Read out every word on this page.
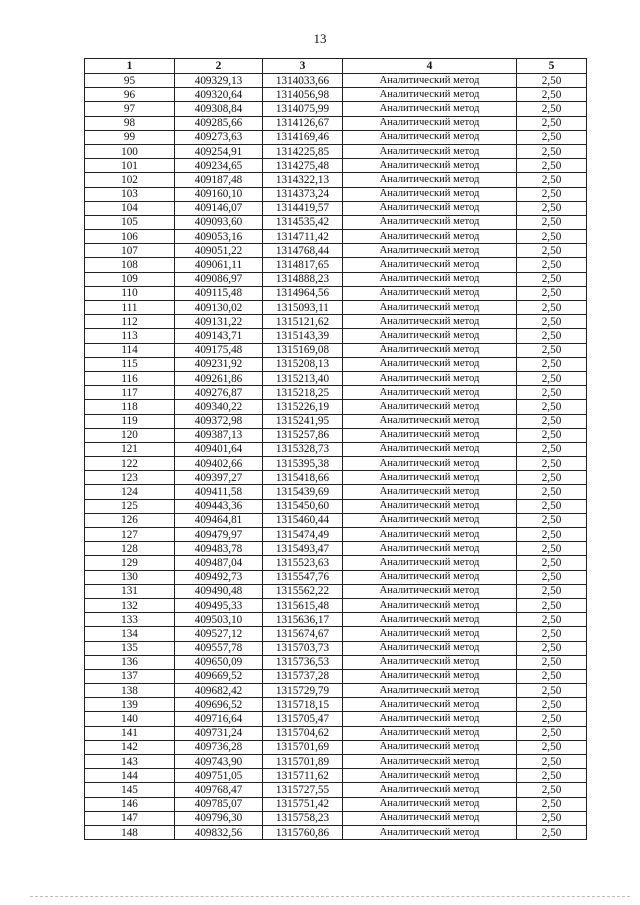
13
1	2	3	4	5
95	409329,13	1314033,66	Аналитический метод	2,50
96	409320,64	1314056,98	Аналитический метод	2,50
97	409308,84	1314075,99	Аналитический метод	2,50
98	409285,66	1314126,67	Аналитический метод	2,50
99	409273,63	1314169,46	Аналитический метод	2,50
100	409254,91	1314225,85	Аналитический метод	2,50
101	409234,65	1314275,48	Аналитический метод	2,50
102	409187,48	1314322,13	Аналитический метод	2,50
103	409160,10	1314373,24	Аналитический метод	2,50
104	409146,07	1314419,57	Аналитический метод	2,50
105	409093,60	1314535,42	Аналитический метод	2,50
106	409053,16	1314711,42	Аналитический метод	2,50
107	409051,22	1314768,44	Аналитический метод	2,50
108	409061,11	1314817,65	Аналитический метод	2,50
109	409086,97	1314888,23	Аналитический метод	2,50
110	409115,48	1314964,56	Аналитический метод	2,50
111	409130,02	1315093,11	Аналитический метод	2,50
112	409131,22	1315121,62	Аналитический метод	2,50
113	409143,71	1315143,39	Аналитический метод	2,50
114	409175,48	1315169,08	Аналитический метод	2,50
115	409231,92	1315208,13	Аналитический метод	2,50
116	409261,86	1315213,40	Аналитический метод	2,50
117	409276,87	1315218,25	Аналитический метод	2,50
118	409340,22	1315226,19	Аналитический метод	2,50
119	409372,98	1315241,95	Аналитический метод	2,50
120	409387,13	1315257,86	Аналитический метод	2,50
121	409401,64	1315328,73	Аналитический метод	2,50
122	409402,66	1315395,38	Аналитический метод	2,50
123	409397,27	1315418,66	Аналитический метод	2,50
124	409411,58	1315439,69	Аналитический метод	2,50
125	409443,36	1315450,60	Аналитический метод	2,50
126	409464,81	1315460,44	Аналитический метод	2,50
127	409479,97	1315474,49	Аналитический метод	2,50
128	409483,78	1315493,47	Аналитический метод	2,50
129	409487,04	1315523,63	Аналитический метод	2,50
130	409492,73	1315547,76	Аналитический метод	2,50
131	409490,48	1315562,22	Аналитический метод	2,50
132	409495,33	1315615,48	Аналитический метод	2,50
133	409503,10	1315636,17	Аналитический метод	2,50
134	409527,12	1315674,67	Аналитический метод	2,50
135	409557,78	1315703,73	Аналитический метод	2,50
136	409650,09	1315736,53	Аналитический метод	2,50
137	409669,52	1315737,28	Аналитический метод	2,50
138	409682,42	1315729,79	Аналитический метод	2,50
139	409696,52	1315718,15	Аналитический метод	2,50
140	409716,64	1315705,47	Аналитический метод	2,50
141	409731,24	1315704,62	Аналитический метод	2,50
142	409736,28	1315701,69	Аналитический метод	2,50
143	409743,90	1315701,89	Аналитический метод	2,50
144	409751,05	1315711,62	Аналитический метод	2,50
145	409768,47	1315727,55	Аналитический метод	2,50
146	409785,07	1315751,42	Аналитический метод	2,50
147	409796,30	1315758,23	Аналитический метод	2,50
148	409832,56	1315760,86	Аналитический метод	2,50
